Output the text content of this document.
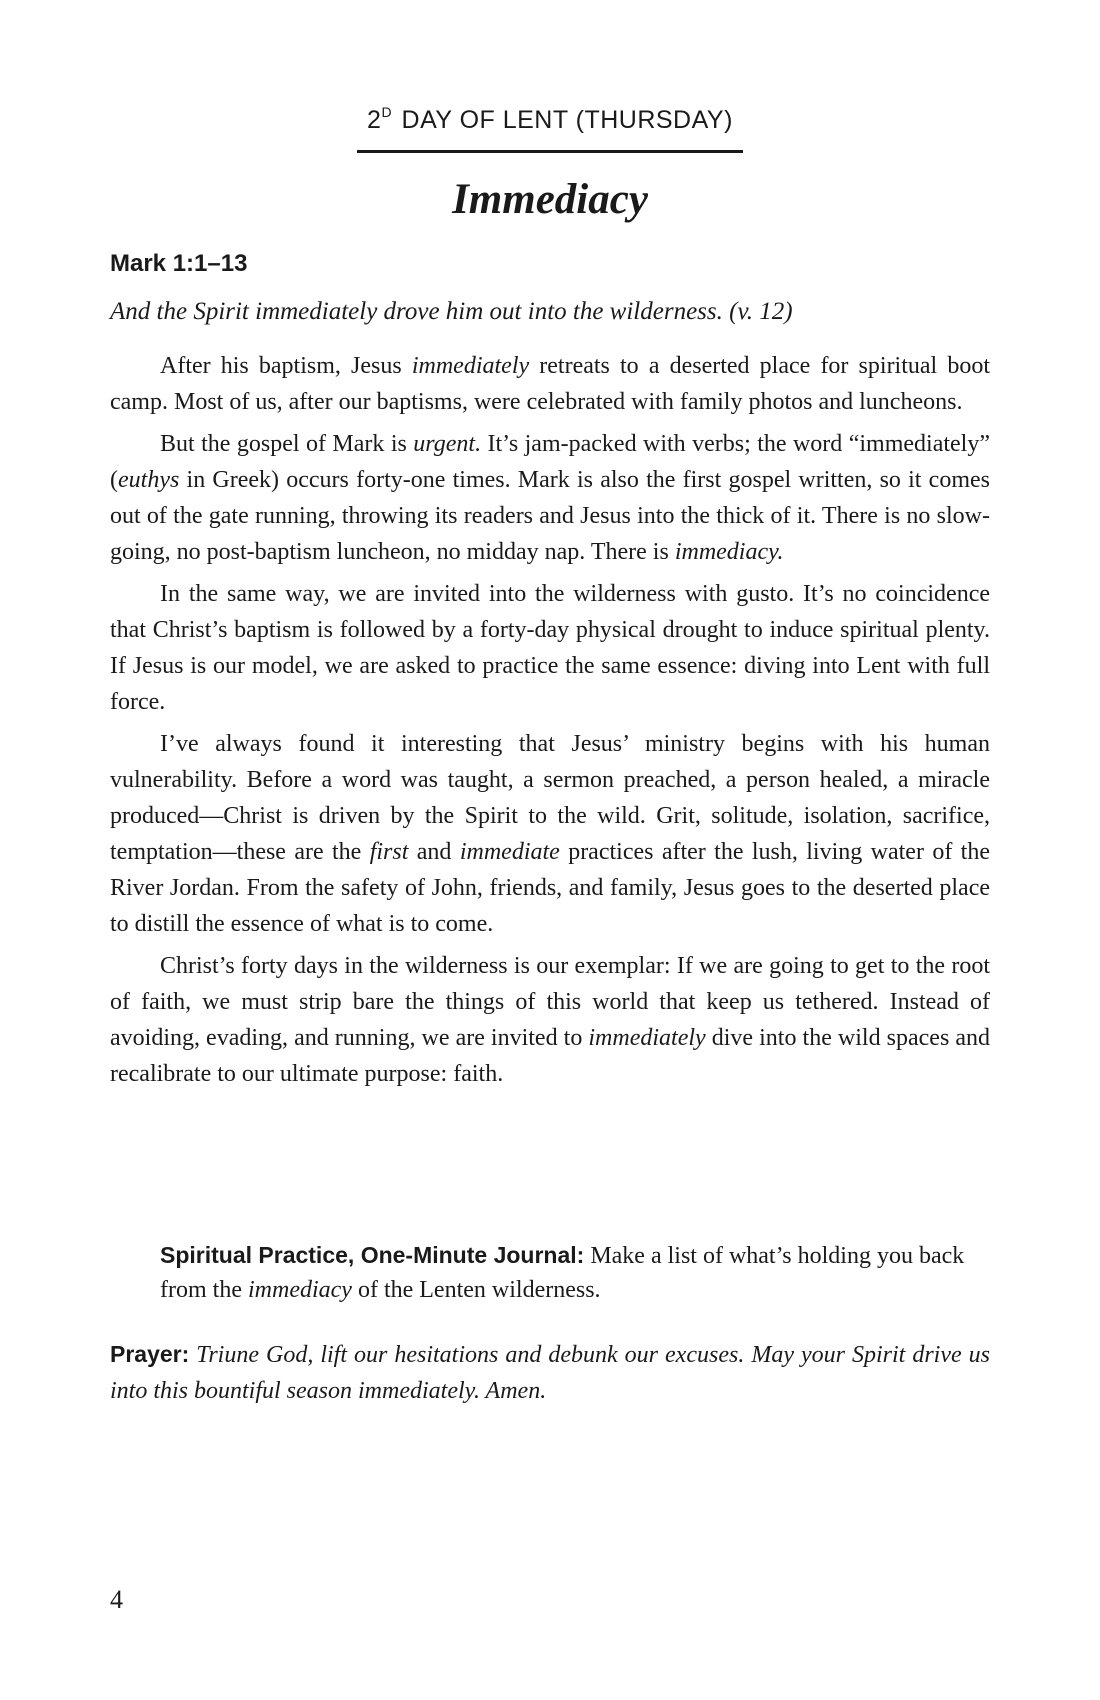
$2^D$ DAY OF LENT (THURSDAY)
Immediacy
Mark 1:1–13
And the Spirit immediately drove him out into the wilderness. (v. 12)

After his baptism, Jesus immediately retreats to a deserted place for spiritual boot camp. Most of us, after our baptisms, were celebrated with family photos and luncheons.

But the gospel of Mark is urgent. It’s jam-packed with verbs; the word “immediately” (euthys in Greek) occurs forty-one times. Mark is also the first gospel written, so it comes out of the gate running, throwing its readers and Jesus into the thick of it. There is no slow-going, no post-baptism luncheon, no midday nap. There is immediacy.

In the same way, we are invited into the wilderness with gusto. It’s no coincidence that Christ’s baptism is followed by a forty-day physical drought to induce spiritual plenty. If Jesus is our model, we are asked to practice the same essence: diving into Lent with full force.

I’ve always found it interesting that Jesus’ ministry begins with his human vulnerability. Before a word was taught, a sermon preached, a person healed, a miracle produced—Christ is driven by the Spirit to the wild. Grit, solitude, isolation, sacrifice, temptation—these are the first and immediate practices after the lush, living water of the River Jordan. From the safety of John, friends, and family, Jesus goes to the deserted place to distill the essence of what is to come.

Christ’s forty days in the wilderness is our exemplar: If we are going to get to the root of faith, we must strip bare the things of this world that keep us tethered. Instead of avoiding, evading, and running, we are invited to immediately dive into the wild spaces and recalibrate to our ultimate purpose: faith.

Spiritual Practice, One-Minute Journal: Make a list of what’s holding you back from the immediacy of the Lenten wilderness.

Prayer: Triune God, lift our hesitations and debunk our excuses. May your Spirit drive us into this bountiful season immediately. Amen.

4
